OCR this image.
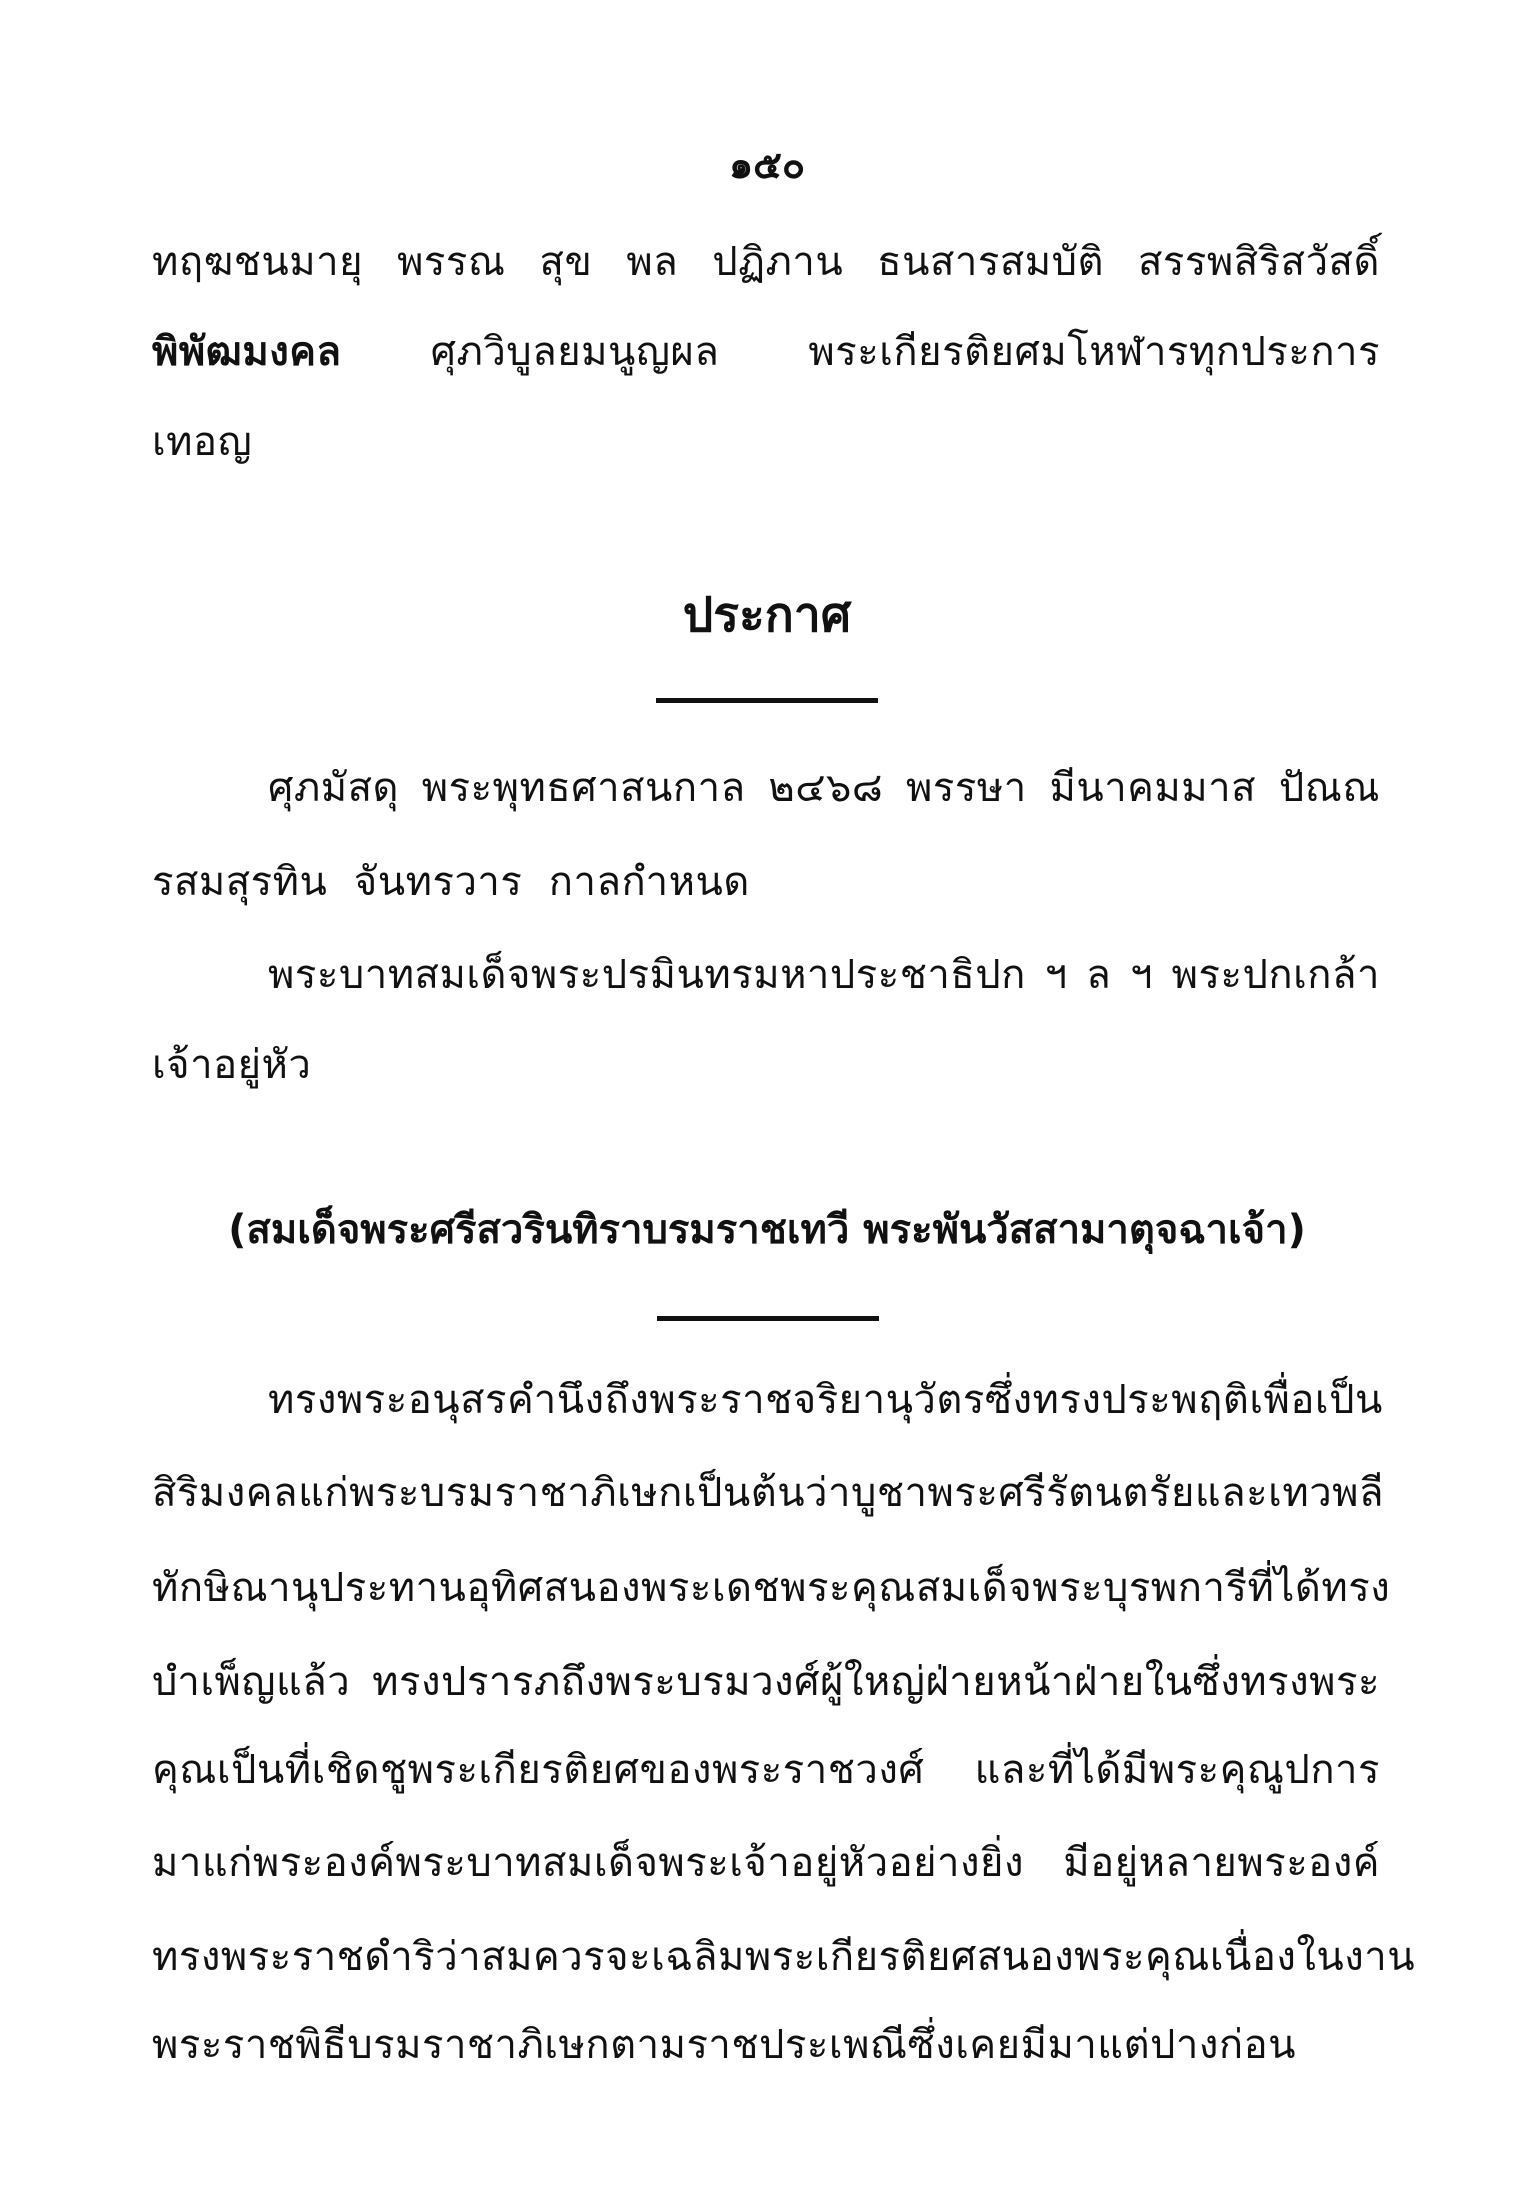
๑๕๐
ทฤฆชนมายุ พรรณ สุข พล ปฏิภาน ธนสารสมบัติ สรรพสิริสวัสดิ์
พิพัฒมงคล ศุภวิบูลยมนูญผล พระเกียรติยศมโหฬารทุกประการ
เทอญ
ประกาศ
ศุภมัสดุ พระพุทธศาสนกาล ๒๔๖๘ พรรษา มีนาคมมาส ปัณณ
รสมสุรทิน  จันทรวาร  กาลกำหนด
พระบาทสมเด็จพระปรมินทรมหาประชาธิปก ฯ ล ฯ พระปกเกล้า
เจ้าอยู่หัว
(สมเด็จพระศรีสวรินทิราบรมราชเทวี พระพันวัสสามาตุจฉาเจ้า)
ทรงพระอนุสรคำนึงถึงพระราชจริยานุวัตร ซึ่งทรงประพฤติเพื่อเป็น
สิริมงคลแก่พระบรมราชาภิเษก เป็นต้นว่าบูชาพระศรีรัตนตรัยและเทวพลี
ทักษิณานุประทานอุทิศสนองพระเดชพระคุณสมเด็จพระบุรพการีที่ได้ทรง
บำเพ็ญแล้ว ทรงปรารภถึงพระบรมวงศ์ผู้ใหญ่ฝ่ายหน้าฝ่ายในซึ่งทรงพระ
คุณเป็นที่เชิดชูพระเกียรติยศของพระราชวงศ์ และที่ได้มีพระคุณูปการ
มาแก่พระองค์พระบาทสมเด็จพระเจ้าอยู่หัวอย่างยิ่ง มีอยู่หลายพระองค์
ทรงพระราชดำริว่าสมควรจะเฉลิมพระเกียรติยศสนองพระคุณเนื่องในงาน
พระราชพิธีบรมราชาภิเษกตามราชประเพณีซึ่งเคยมีมาแต่ปางก่อน
